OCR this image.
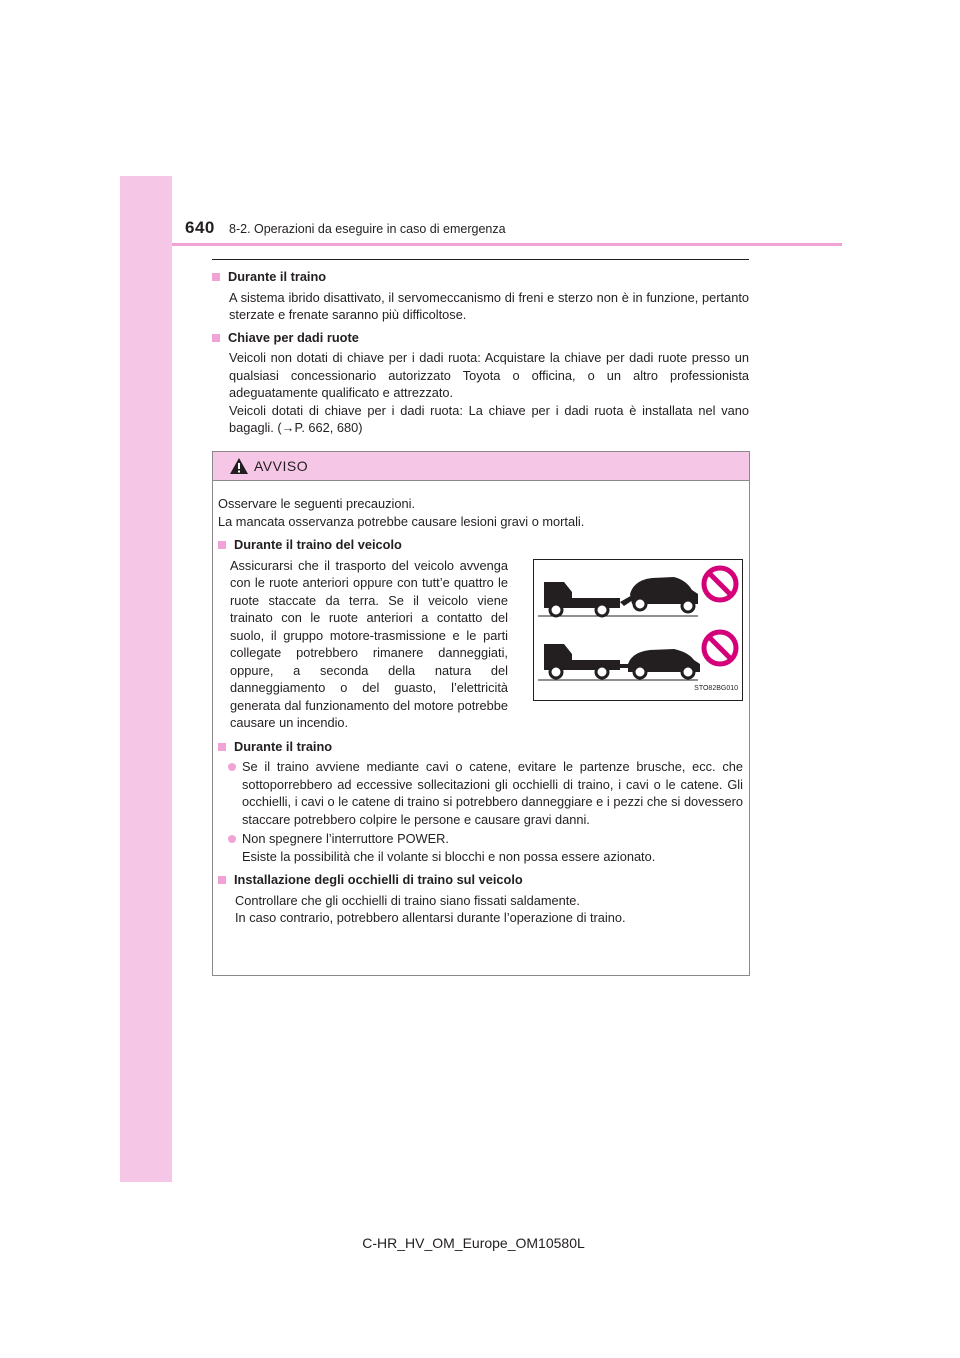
640 8-2. Operazioni da eseguire in caso di emergenza
Durante il traino

A sistema ibrido disattivato, il servomeccanismo di freni e sterzo non è in funzione, pertanto sterzate e frenate saranno più difficoltose.

Chiave per dadi ruote

Veicoli non dotati di chiave per i dadi ruota: Acquistare la chiave per dadi ruote presso un qualsiasi concessionario autorizzato Toyota o officina, o un altro professionista adeguatamente qualificato e attrezzato.

Veicoli dotati di chiave per i dadi ruota: La chiave per i dadi ruota è installata nel vano bagagli. (→P. 662, 680)

AVVISO

Osservare le seguenti precauzioni.

La mancata osservanza potrebbe causare lesioni gravi o mortali.

Durante il traino del veicolo
Assicurarsi che il trasporto del veicolo avvenga con le ruote anteriori oppure con tutt’e quattro le ruote staccate da terra. Se il veicolo viene trainato con le ruote anteriori a contatto del suolo, il gruppo motore-trasmissione e le parti collegate potrebbero rimanere danneggiati, oppure, a seconda della natura del danneggiamento o del guasto, l’elettricità generata dal funzionamento del motore potrebbe causare un incendio.
STO82BG010
Durante il traino

Se il traino avviene mediante cavi o catene, evitare le partenze brusche, ecc. che sottoporrebbero ad eccessive sollecitazioni gli occhielli di traino, i cavi o le catene. Gli occhielli, i cavi o le catene di traino si potrebbero danneggiare e i pezzi che si dovessero staccare potrebbero colpire le persone e causare gravi danni.

Non spegnere l’interruttore POWER.

Esiste la possibilità che il volante si blocchi e non possa essere azionato.

Installazione degli occhielli di traino sul veicolo

Controllare che gli occhielli di traino siano fissati saldamente.

In caso contrario, potrebbero allentarsi durante l’operazione di traino.

C-HR_HV_OM_Europe_OM10580L
